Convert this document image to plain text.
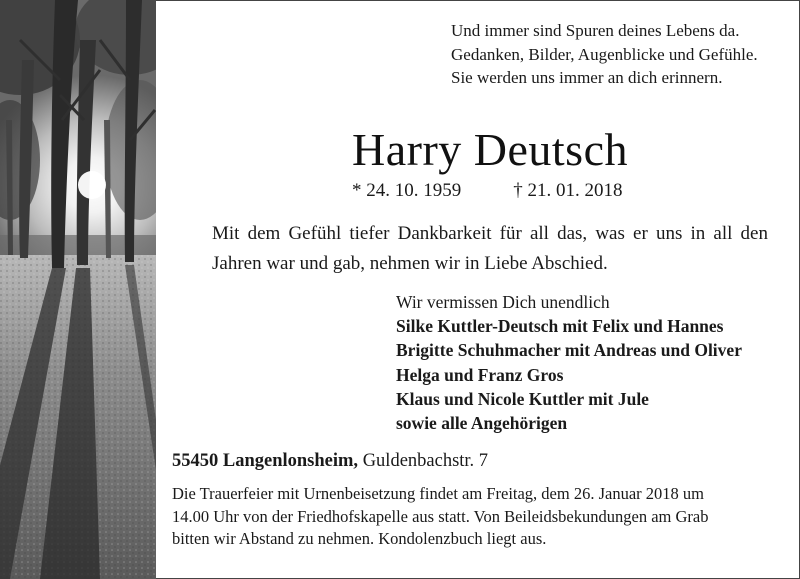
Und immer sind Spuren deines Lebens da.
Gedanken, Bilder, Augenblicke und Gefühle.
Sie werden uns immer an dich erinnern.
Harry Deutsch
* 24. 10. 1959	† 21. 01. 2018
Mit dem Gefühl tiefer Dankbarkeit für all das, was er uns in all den
Jahren war und gab, nehmen wir in Liebe Abschied.
Wir vermissen Dich unendlich
Silke Kuttler-Deutsch mit Felix und Hannes
Brigitte Schuhmacher mit Andreas und Oliver
Helga und Franz Gros
Klaus und Nicole Kuttler mit Jule
sowie alle Angehörigen
55450 Langenlonsheim, Guldenbachstr. 7
Die Trauerfeier mit Urnenbeisetzung findet am Freitag, dem 26. Januar 2018 um
14.00 Uhr von der Friedhofskapelle aus statt. Von Beileidsbekundungen am Grab
bitten wir Abstand zu nehmen. Kondolenzbuch liegt aus.
